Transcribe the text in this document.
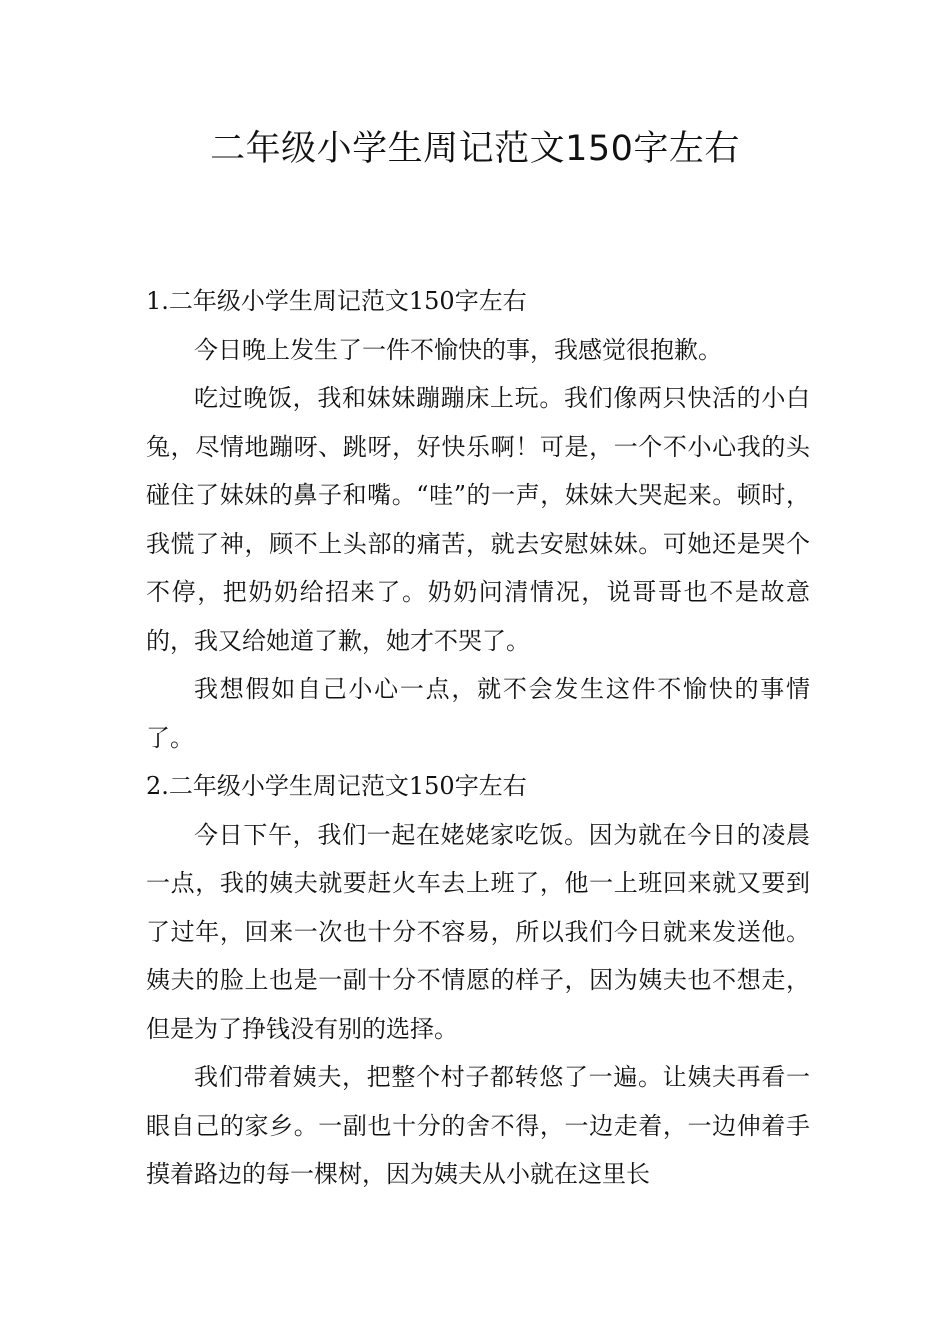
二年级小学生周记范文150字左右

1.二年级小学生周记范文150字左右

今日晚上发生了一件不愉快的事，我感觉很抱歉。

吃过晚饭，我和妹妹蹦蹦床上玩。我们像两只快活的小白兔，尽情地蹦呀、跳呀，好快乐啊！可是，一个不小心我的头碰住了妹妹的鼻子和嘴。“哇”的一声，妹妹大哭起来。顿时，我慌了神，顾不上头部的痛苦，就去安慰妹妹。可她还是哭个不停，把奶奶给招来了。奶奶问清情况，说哥哥也不是故意的，我又给她道了歉，她才不哭了。

我想假如自己小心一点，就不会发生这件不愉快的事情了。

2.二年级小学生周记范文150字左右

今日下午，我们一起在姥姥家吃饭。因为就在今日的凌晨一点，我的姨夫就要赶火车去上班了，他一上班回来就又要到了过年，回来一次也十分不容易，所以我们今日就来发送他。姨夫的脸上也是一副十分不情愿的样子，因为姨夫也不想走，但是为了挣钱没有别的选择。

我们带着姨夫，把整个村子都转悠了一遍。让姨夫再看一眼自己的家乡。一副也十分的舍不得，一边走着，一边伸着手摸着路边的每一棵树，因为姨夫从小就在这里长
